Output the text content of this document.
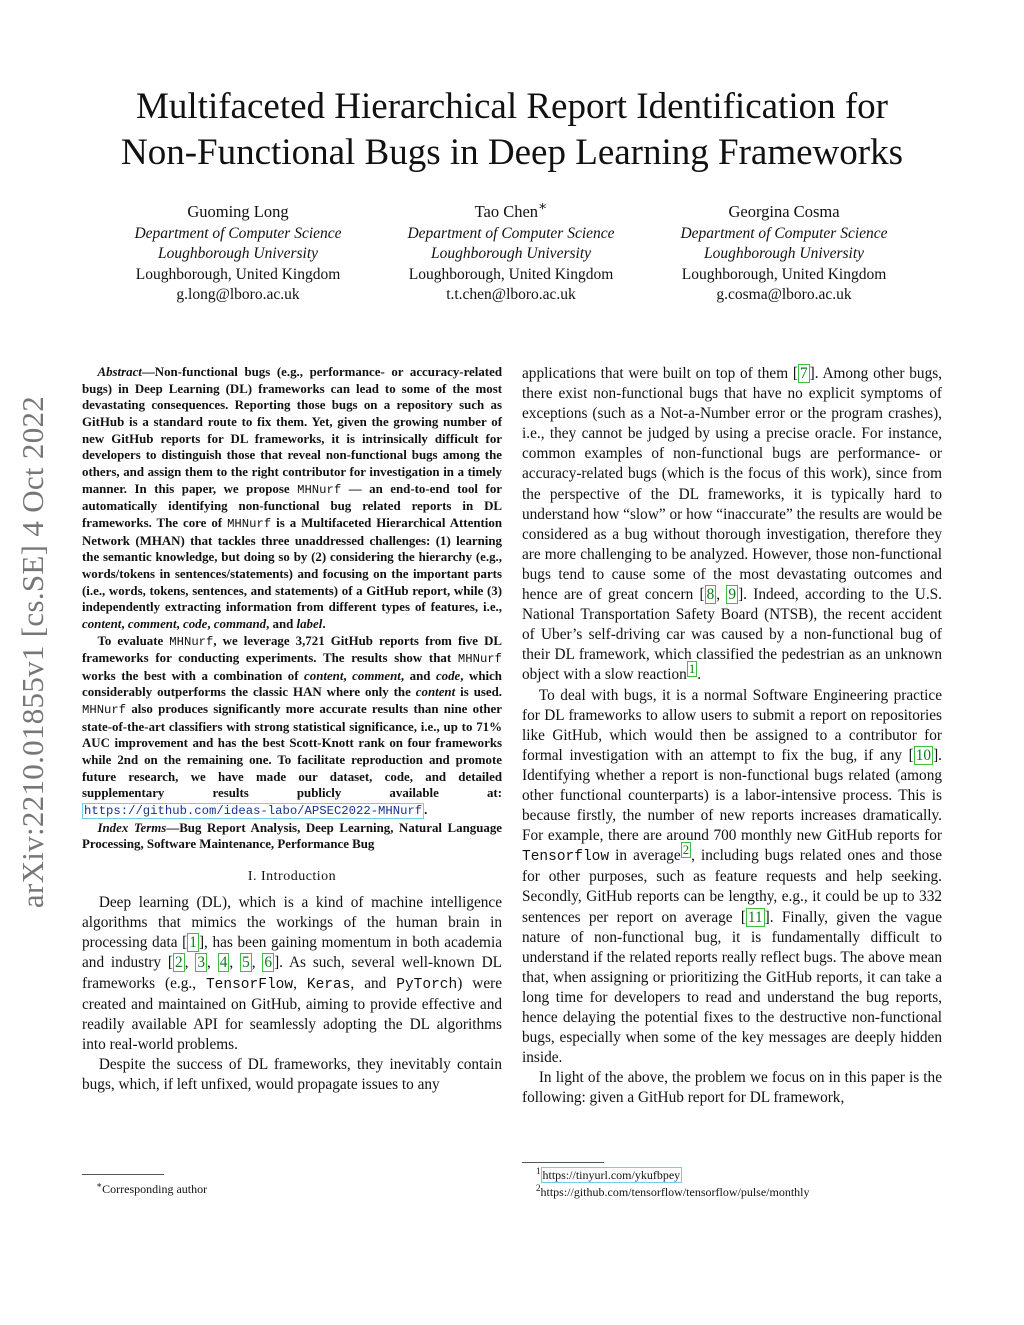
arXiv:2210.01855v1 [cs.SE] 4 Oct 2022
Multifaceted Hierarchical Report Identification for
Non-Functional Bugs in Deep Learning Frameworks
Guoming Long
Department of Computer Science
Loughborough University
Loughborough, United Kingdom
g.long@lboro.ac.uk
Tao Chen∗
Department of Computer Science
Loughborough University
Loughborough, United Kingdom
t.t.chen@lboro.ac.uk
Georgina Cosma
Department of Computer Science
Loughborough University
Loughborough, United Kingdom
g.cosma@lboro.ac.uk

Abstract—Non-functional bugs (e.g., performance- or accuracy-related bugs) in Deep Learning (DL) frameworks can lead to some of the most devastating consequences. Reporting those bugs on a repository such as GitHub is a standard route to fix them. Yet, given the growing number of new GitHub reports for DL frameworks, it is intrinsically difficult for developers to distinguish those that reveal non-functional bugs among the others, and assign them to the right contributor for investigation in a timely manner. In this paper, we propose MHNurf — an end-to-end tool for automatically identifying non-functional bug related reports in DL frameworks. The core of MHNurf is a Multifaceted Hierarchical Attention Network (MHAN) that tackles three unaddressed challenges: (1) learning the semantic knowledge, but doing so by (2) considering the hierarchy (e.g., words/tokens in sentences/statements) and focusing on the important parts (i.e., words, tokens, sentences, and statements) of a GitHub report, while (3) independently extracting information from different types of features, i.e., content, comment, code, command, and label.

To evaluate MHNurf, we leverage 3,721 GitHub reports from five DL frameworks for conducting experiments. The results show that MHNurf works the best with a combination of content, comment, and code, which considerably outperforms the classic HAN where only the content is used. MHNurf also produces significantly more accurate results than nine other state-of-the-art classifiers with strong statistical significance, i.e., up to 71% AUC improvement and has the best Scott-Knott rank on four frameworks while 2nd on the remaining one. To facilitate reproduction and promote future research, we have made our dataset, code, and detailed supplementary results publicly available at: https://github.com/ideas-labo/APSEC2022-MHNurf .

Index Terms—Bug Report Analysis, Deep Learning, Natural Language Processing, Software Maintenance, Performance Bug

I. Introduction

Deep learning (DL), which is a kind of machine intelligence algorithms that mimics the workings of the human brain in processing data [ 1 ], has been gaining momentum in both academia and industry [ 2 , 3 , 4 , 5 , 6 ]. As such, several well-known DL frameworks (e.g., TensorFlow, Keras, and PyTorch) were created and maintained on GitHub, aiming to provide effective and readily available API for seamlessly adopting the DL algorithms into real-world problems.

Despite the success of DL frameworks, they inevitably contain bugs, which, if left unfixed, would propagate issues to any

∗Corresponding author

applications that were built on top of them [ 7 ]. Among other bugs, there exist non-functional bugs that have no explicit symptoms of exceptions (such as a Not-a-Number error or the program crashes), i.e., they cannot be judged by using a precise oracle. For instance, common examples of non-functional bugs are performance- or accuracy-related bugs (which is the focus of this work), since from the perspective of the DL frameworks, it is typically hard to understand how “slow” or how “inaccurate” the results are would be considered as a bug without thorough investigation, therefore they are more challenging to be analyzed. However, those non-functional bugs tend to cause some of the most devastating outcomes and hence are of great concern [ 8 , 9 ]. Indeed, according to the U.S. National Transportation Safety Board (NTSB), the recent accident of Uber’s self-driving car was caused by a non-functional bug of their DL framework, which classified the pedestrian as an unknown object with a slow reaction $^1$ .

To deal with bugs, it is a normal Software Engineering practice for DL frameworks to allow users to submit a report on repositories like GitHub, which would then be assigned to a contributor for formal investigation with an attempt to fix the bug, if any [ 10 ]. Identifying whether a report is non-functional bugs related (among other functional counterparts) is a labor-intensive process. This is because firstly, the number of new reports increases dramatically. For example, there are around 700 monthly new GitHub reports for Tensorflow in average $^2$ , including bugs related ones and those for other purposes, such as feature requests and help seeking. Secondly, GitHub reports can be lengthy, e.g., it could be up to 332 sentences per report on average [ 11 ]. Finally, given the vague nature of non-functional bug, it is fundamentally difficult to understand if the related reports really reflect bugs. The above mean that, when assigning or prioritizing the GitHub reports, it can take a long time for developers to read and understand the bug reports, hence delaying the potential fixes to the destructive non-functional bugs, especially when some of the key messages are deeply hidden inside.

In light of the above, the problem we focus on in this paper is the following: given a GitHub report for DL framework,

$^1$ https://tinyurl.com/ykufbpey
$^2$https://github.com/tensorflow/tensorflow/pulse/monthly
